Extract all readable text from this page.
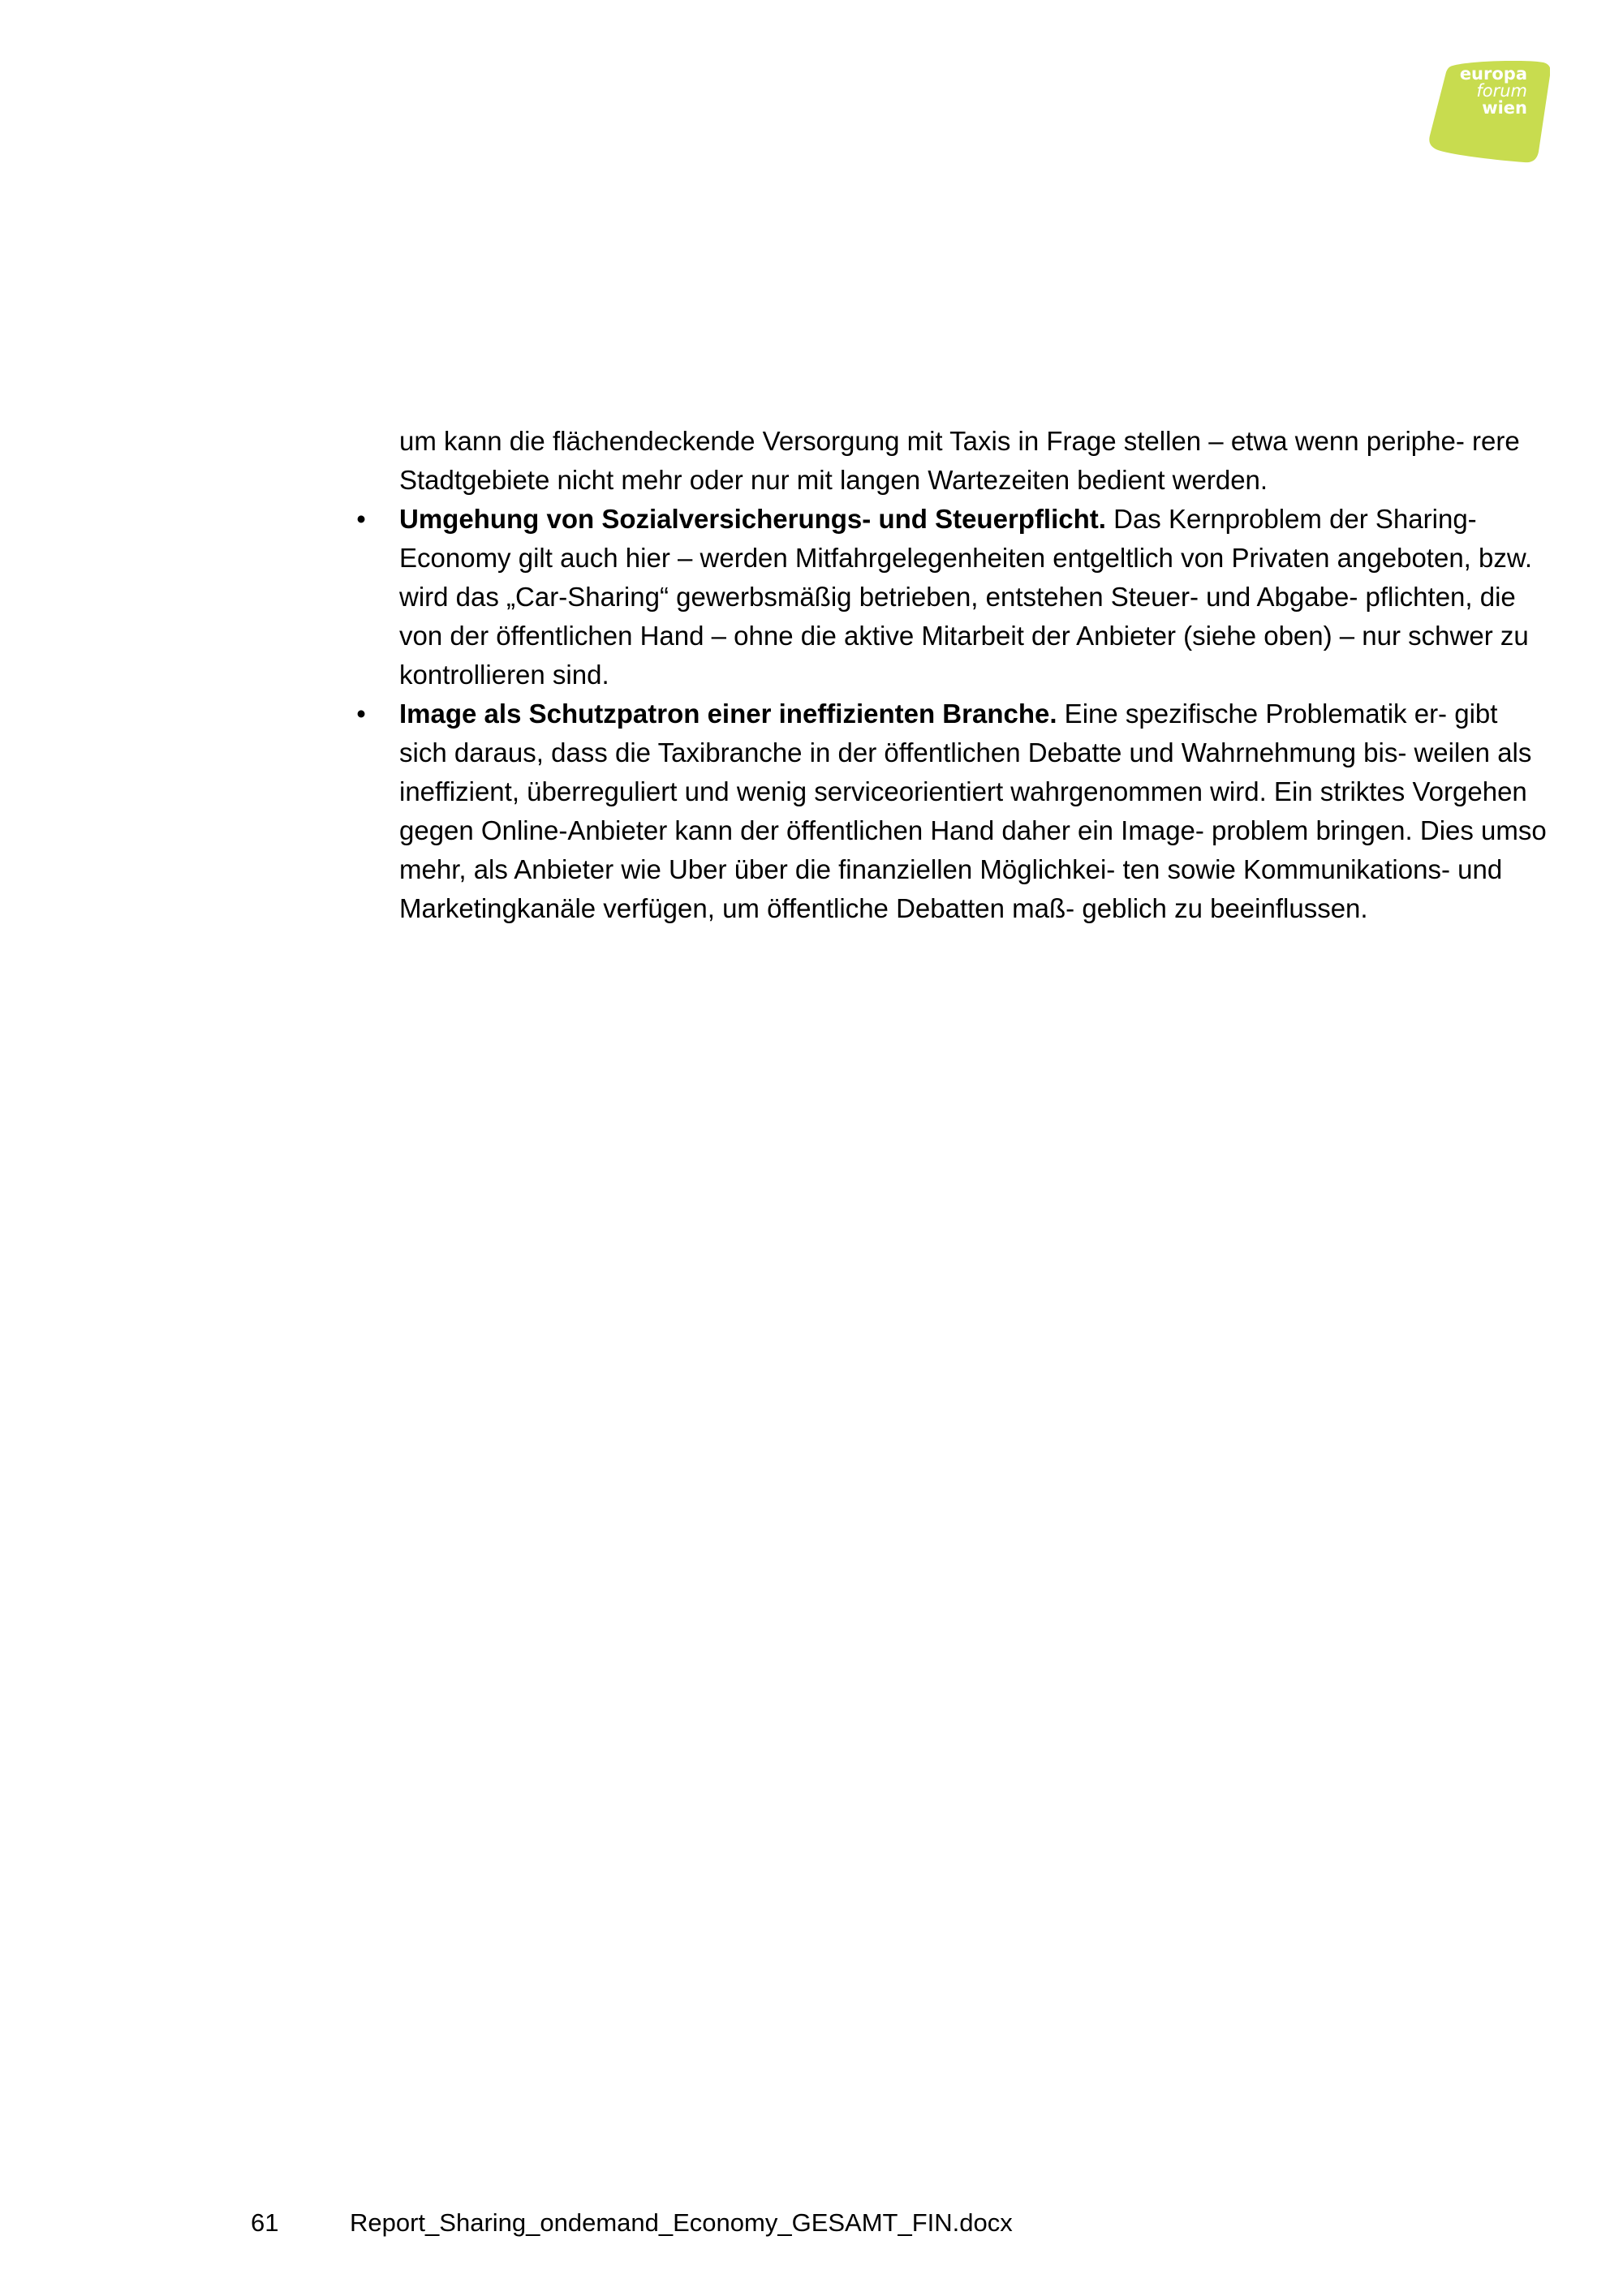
europa
forum
wien

um kann die flächendeckende Versorgung mit Taxis in Frage stellen – etwa wenn periphe- rere Stadtgebiete nicht mehr oder nur mit langen Wartezeiten bedient werden.

• Umgehung von Sozialversicherungs- und Steuerpflicht. Das Kernproblem der Sharing- Economy gilt auch hier – werden Mitfahrgelegenheiten entgeltlich von Privaten angeboten, bzw. wird das „Car-Sharing“ gewerbsmäßig betrieben, entstehen Steuer- und Abgabe- pflichten, die von der öffentlichen Hand – ohne die aktive Mitarbeit der Anbieter (siehe oben) – nur schwer zu kontrollieren sind.
• Image als Schutzpatron einer ineffizienten Branche. Eine spezifische Problematik er- gibt sich daraus, dass die Taxibranche in der öffentlichen Debatte und Wahrnehmung bis- weilen als ineffizient, überreguliert und wenig serviceorientiert wahrgenommen wird. Ein striktes Vorgehen gegen Online-Anbieter kann der öffentlichen Hand daher ein Image- problem bringen. Dies umso mehr, als Anbieter wie Uber über die finanziellen Möglichkei- ten sowie Kommunikations- und Marketingkanäle verfügen, um öffentliche Debatten maß- geblich zu beeinflussen.
61	Report_Sharing_ondemand_Economy_GESAMT_FIN.docx
